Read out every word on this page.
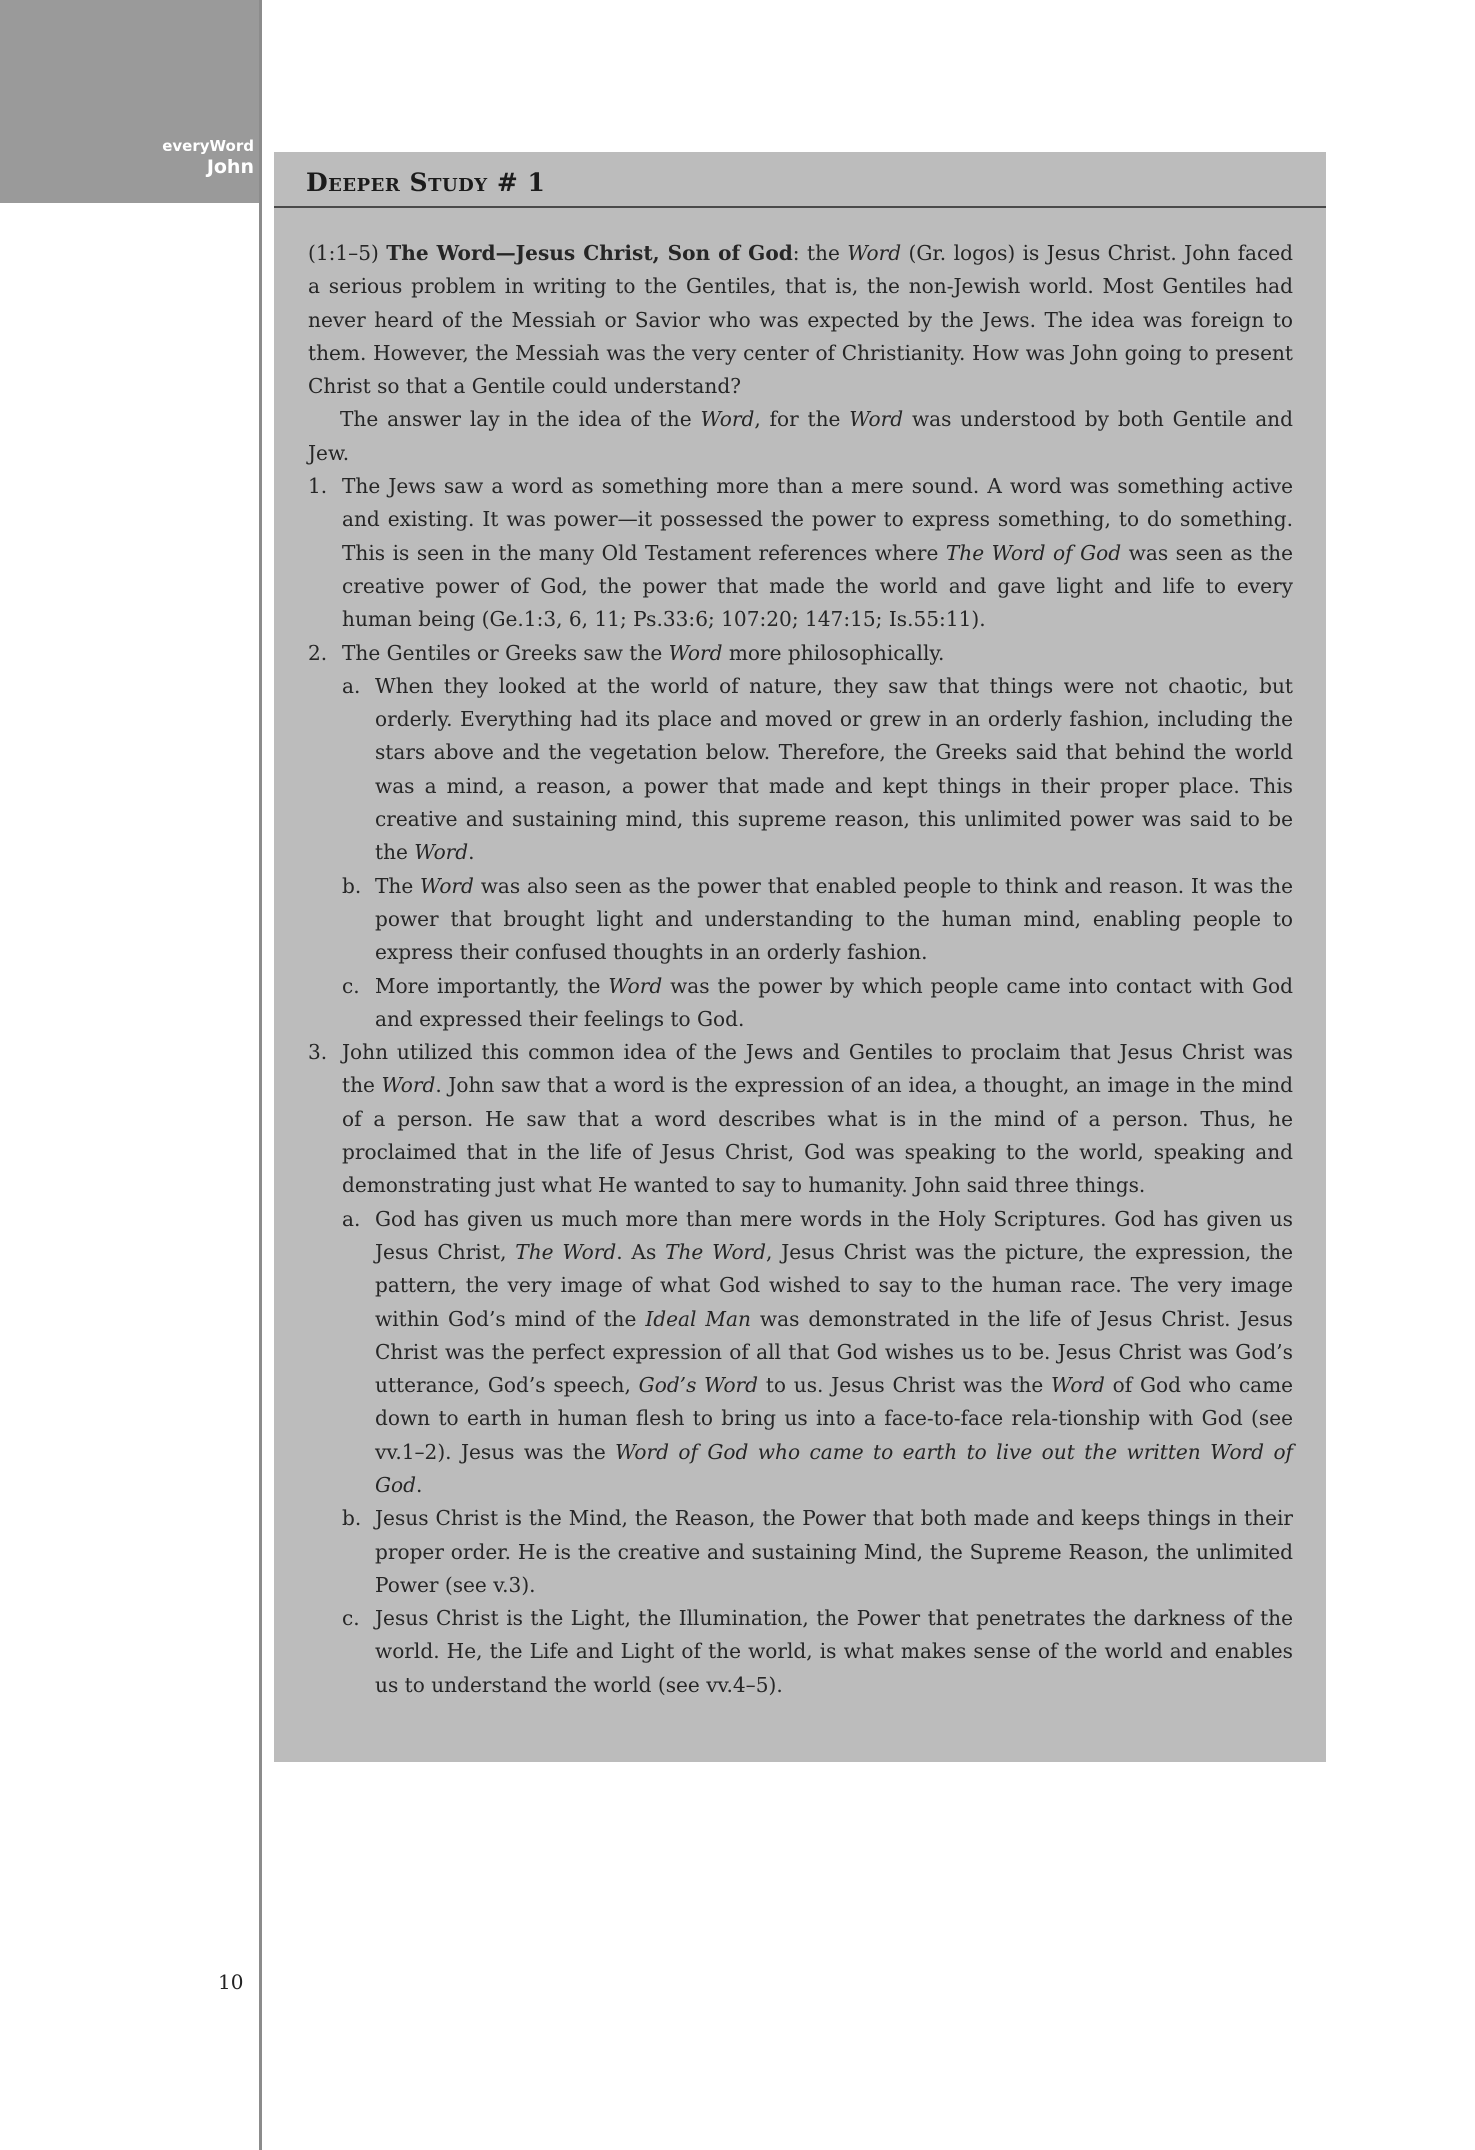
everyWord
John
Deeper Study # 1

(1:1–5) The Word—Jesus Christ, Son of God: the Word (Gr. logos) is Jesus Christ. John faced a serious problem in writing to the Gentiles, that is, the non-Jewish world. Most Gentiles had never heard of the Messiah or Savior who was expected by the Jews. The idea was foreign to them. However, the Messiah was the very center of Christianity. How was John going to present Christ so that a Gentile could understand?

The answer lay in the idea of the Word, for the Word was understood by both Gentile and Jew.

1. The Jews saw a word as something more than a mere sound. A word was something active and existing. It was power—it possessed the power to express something, to do something. This is seen in the many Old Testament references where The Word of God was seen as the creative power of God, the power that made the world and gave light and life to every human being (Ge.1:3, 6, 11; Ps.33:6; 107:20; 147:15; Is.55:11).
2. The Gentiles or Greeks saw the Word more philosophically.
a. When they looked at the world of nature, they saw that things were not chaotic, but orderly. Everything had its place and moved or grew in an orderly fashion, including the stars above and the vegetation below. Therefore, the Greeks said that behind the world was a mind, a reason, a power that made and kept things in their proper place. This creative and sustaining mind, this supreme reason, this unlimited power was said to be the Word.
b. The Word was also seen as the power that enabled people to think and reason. It was the power that brought light and understanding to the human mind, enabling people to express their confused thoughts in an orderly fashion.
c. More importantly, the Word was the power by which people came into contact with God and expressed their feelings to God.
3. John utilized this common idea of the Jews and Gentiles to proclaim that Jesus Christ was the Word. John saw that a word is the expression of an idea, a thought, an image in the mind of a person. He saw that a word describes what is in the mind of a person. Thus, he proclaimed that in the life of Jesus Christ, God was speaking to the world, speaking and demonstrating just what He wanted to say to humanity. John said three things.
a. God has given us much more than mere words in the Holy Scriptures. God has given us Jesus Christ, The Word. As The Word, Jesus Christ was the picture, the expression, the pattern, the very image of what God wished to say to the human race. The very image within God’s mind of the Ideal Man was demonstrated in the life of Jesus Christ. Jesus Christ was the perfect expression of all that God wishes us to be. Jesus Christ was God’s utterance, God’s speech, God’s Word to us. Jesus Christ was the Word of God who came down to earth in human flesh to bring us into a face-to-face rela-tionship with God (see vv.1–2). Jesus was the Word of God who came to earth to live out the written Word of God.
b. Jesus Christ is the Mind, the Reason, the Power that both made and keeps things in their proper order. He is the creative and sustaining Mind, the Supreme Reason, the unlimited Power (see v.3).
c. Jesus Christ is the Light, the Illumination, the Power that penetrates the darkness of the world. He, the Life and Light of the world, is what makes sense of the world and enables us to understand the world (see vv.4–5).
10
